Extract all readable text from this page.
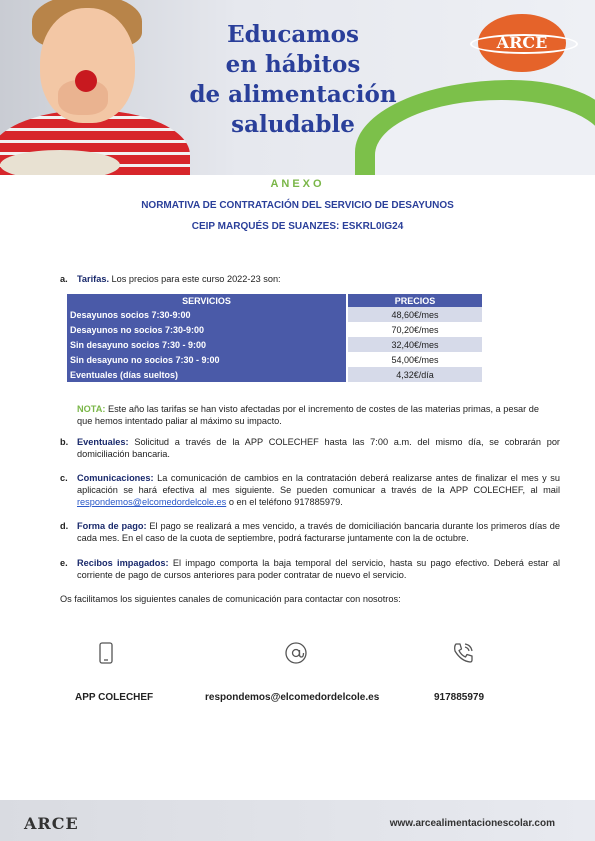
Educamos
en hábitos
de alimentación
saludable
ARCE
ANEXO
NORMATIVA DE CONTRATACIÓN DEL SERVICIO DE DESAYUNOS
CEIP MARQUÉS DE SUANZES: ESKRL0IG24
a. Tarifas. Los precios para este curso 2022-23 son:
SERVICIOS	PRECIOS
Desayunos socios 7:30-9:00	48,60€/mes
Desayunos no socios 7:30-9:00	70,20€/mes
Sin desayuno socios 7:30 - 9:00	32,40€/mes
Sin desayuno no socios 7:30 - 9:00	54,00€/mes
Eventuales (días sueltos)	4,32€/día
NOTA: Este año las tarifas se han visto afectadas por el incremento de costes de las materias primas, a pesar de que hemos intentado paliar al máximo su impacto.
b. Eventuales: Solicitud a través de la APP COLECHEF hasta las 7:00 a.m. del mismo día, se cobrarán por domiciliación bancaria.
c. Comunicaciones: La comunicación de cambios en la contratación deberá realizarse antes de finalizar el mes y su aplicación se hará efectiva al mes siguiente. Se pueden comunicar a través de la APP COLECHEF, al mail respondemos@elcomedordelcole.es o en el teléfono 917885979.
d. Forma de pago: El pago se realizará a mes vencido, a través de domiciliación bancaria durante los primeros días de cada mes. En el caso de la cuota de septiembre, podrá facturarse juntamente con la de octubre.
e. Recibos impagados: El impago comporta la baja temporal del servicio, hasta su pago efectivo. Deberá estar al corriente de pago de cursos anteriores para poder contratar de nuevo el servicio.
Os facilitamos los siguientes canales de comunicación para contactar con nosotros:
APP COLECHEF	respondemos@elcomedordelcole.es	917885979
ARCE	www.arcealimentacionescolar.com
